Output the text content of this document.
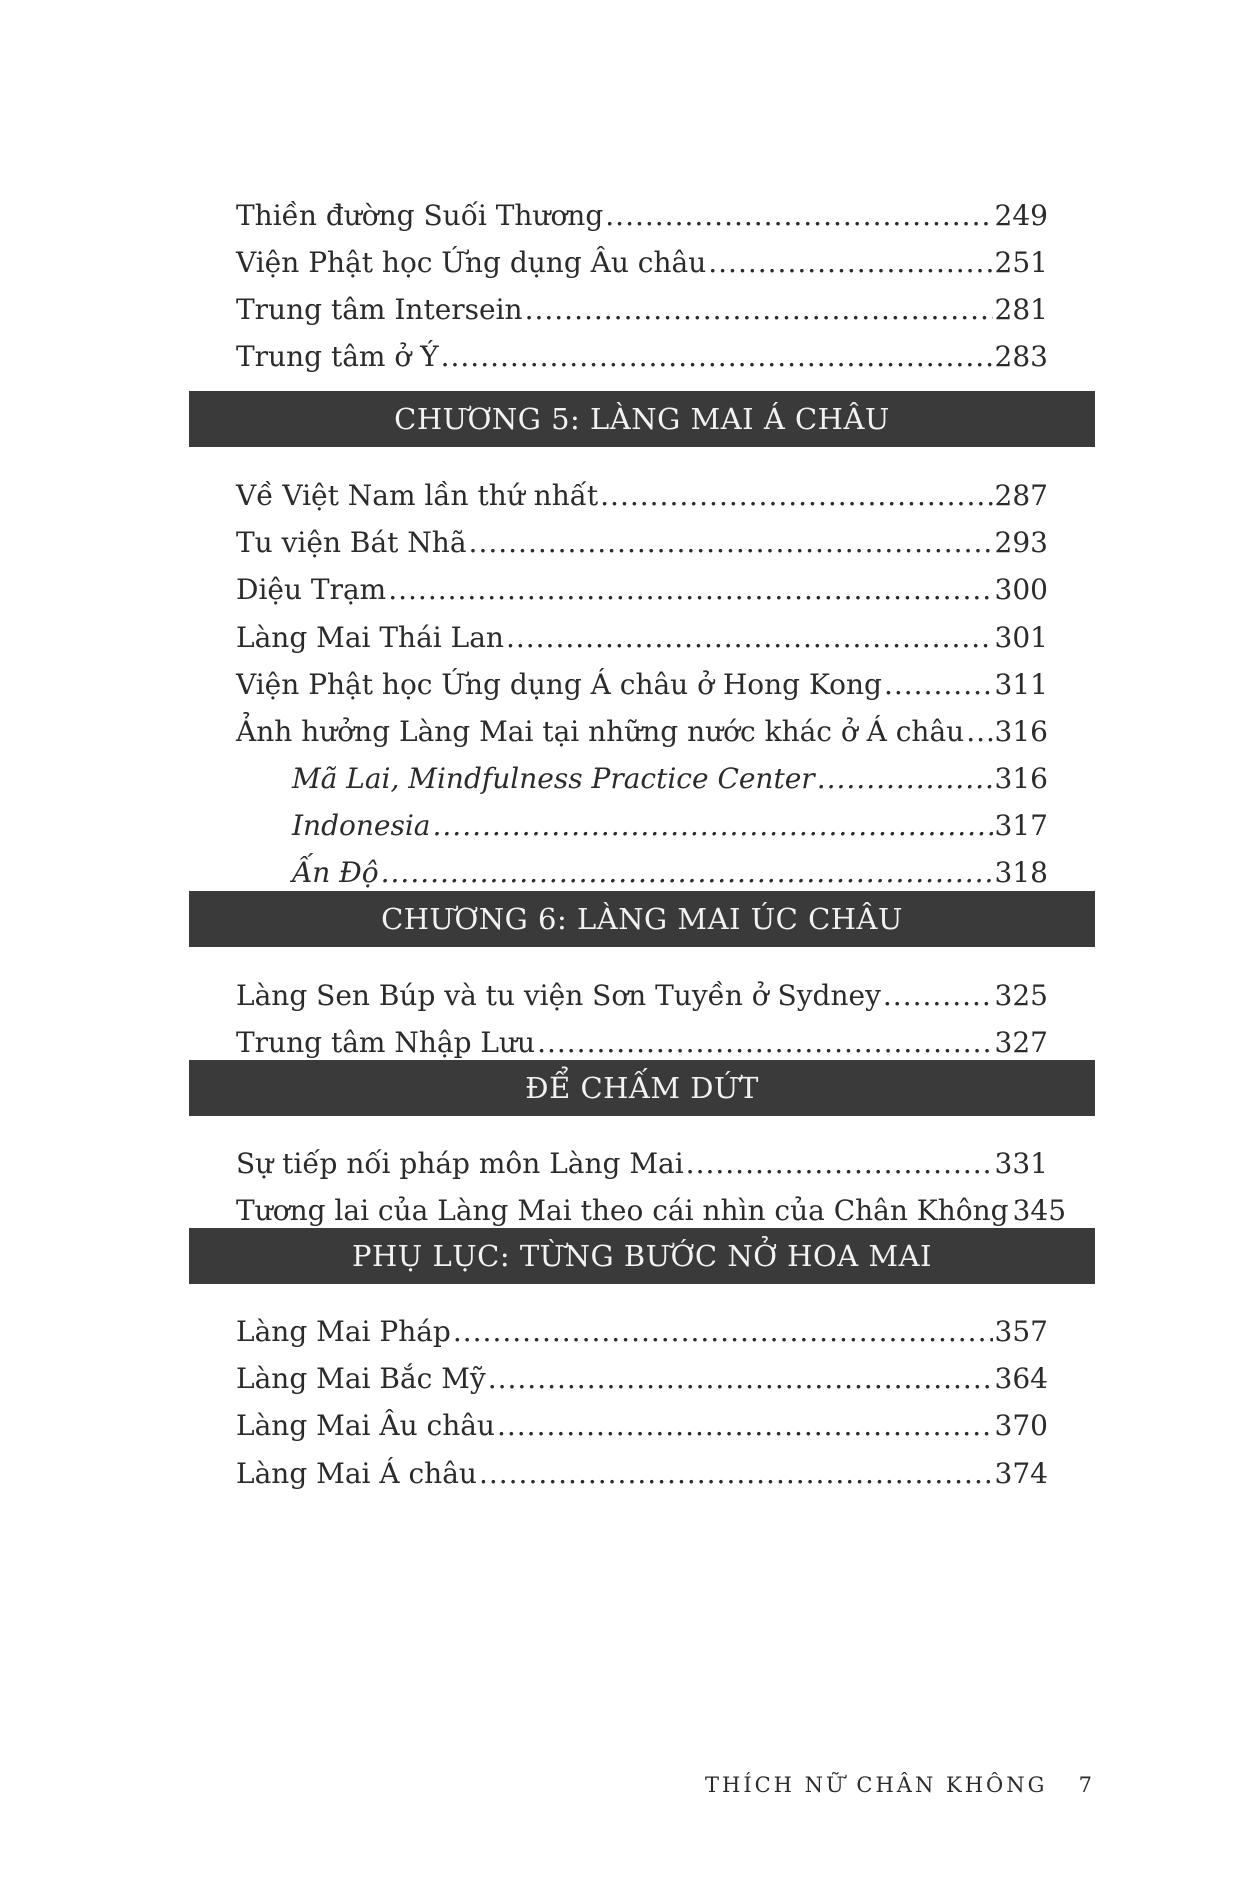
Thiền đường Suối Thương .....	249
Viện Phật học Ứng dụng Âu châu .....	251
Trung tâm Intersein .....	281
Trung tâm ở Ý .....	283
CHƯƠNG 5: LÀNG MAI Á CHÂU
Về Việt Nam lần thứ nhất .....	287
Tu viện Bát Nhã .....	293
Diệu Trạm .....	300
Làng Mai Thái Lan .....	301
Viện Phật học Ứng dụng Á châu ở Hong Kong .....	311
Ảnh hưởng Làng Mai tại những nước khác ở Á châu ..... 316
Mã Lai, Mindfulness Practice Center .....	316
Indonesia .....	317
Ấn Độ .....	318
CHƯƠNG 6: LÀNG MAI ÚC CHÂU
Làng Sen Búp và tu viện Sơn Tuyền ở Sydney .....	325
Trung tâm Nhập Lưu .....	327
ĐỂ CHẤM DỨT
Sự tiếp nối pháp môn Làng Mai .....	331
Tương lai của Làng Mai theo cái nhìn của Chân Không 345
PHỤ LỤC: TỪNG BƯỚC NỞ HOA MAI
Làng Mai Pháp .....	357
Làng Mai Bắc Mỹ .....	364
Làng Mai Âu châu .....	370
Làng Mai Á châu .....	374
THÍCH NỮ CHÂN KHÔNG 7
